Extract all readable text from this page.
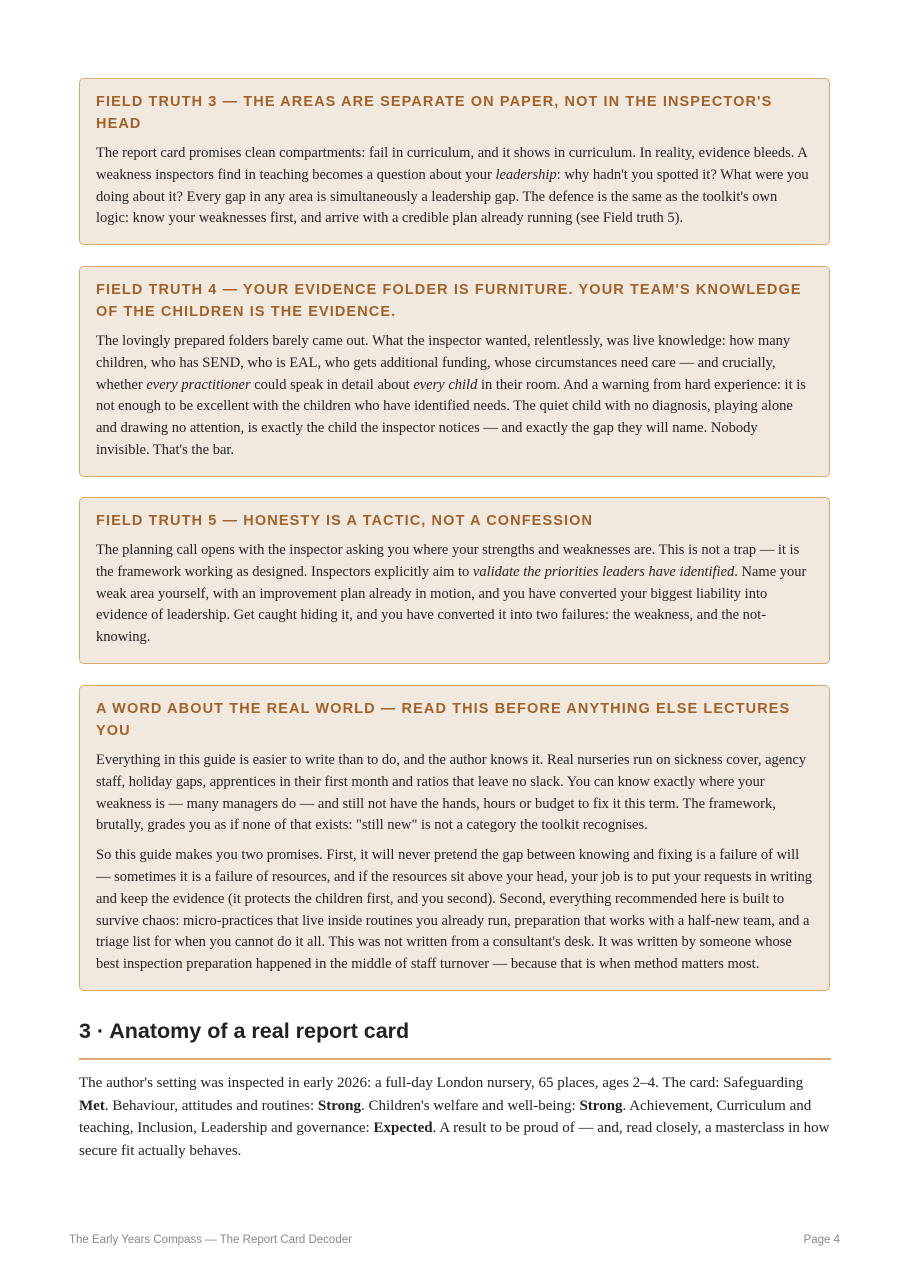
FIELD TRUTH 3 — THE AREAS ARE SEPARATE ON PAPER, NOT IN THE INSPECTOR'S HEAD

The report card promises clean compartments: fail in curriculum, and it shows in curriculum. In reality, evidence bleeds. A weakness inspectors find in teaching becomes a question about your leadership: why hadn't you spotted it? What were you doing about it? Every gap in any area is simultaneously a leadership gap. The defence is the same as the toolkit's own logic: know your weaknesses first, and arrive with a credible plan already running (see Field truth 5).

FIELD TRUTH 4 — YOUR EVIDENCE FOLDER IS FURNITURE. YOUR TEAM'S KNOWLEDGE OF THE CHILDREN IS THE EVIDENCE.

The lovingly prepared folders barely came out. What the inspector wanted, relentlessly, was live knowledge: how many children, who has SEND, who is EAL, who gets additional funding, whose circumstances need care — and crucially, whether every practitioner could speak in detail about every child in their room. And a warning from hard experience: it is not enough to be excellent with the children who have identified needs. The quiet child with no diagnosis, playing alone and drawing no attention, is exactly the child the inspector notices — and exactly the gap they will name. Nobody invisible. That's the bar.

FIELD TRUTH 5 — HONESTY IS A TACTIC, NOT A CONFESSION

The planning call opens with the inspector asking you where your strengths and weaknesses are. This is not a trap — it is the framework working as designed. Inspectors explicitly aim to validate the priorities leaders have identified. Name your weak area yourself, with an improvement plan already in motion, and you have converted your biggest liability into evidence of leadership. Get caught hiding it, and you have converted it into two failures: the weakness, and the not-knowing.

A WORD ABOUT THE REAL WORLD — READ THIS BEFORE ANYTHING ELSE LECTURES YOU

Everything in this guide is easier to write than to do, and the author knows it. Real nurseries run on sickness cover, agency staff, holiday gaps, apprentices in their first month and ratios that leave no slack. You can know exactly where your weakness is — many managers do — and still not have the hands, hours or budget to fix it this term. The framework, brutally, grades you as if none of that exists: "still new" is not a category the toolkit recognises.

So this guide makes you two promises. First, it will never pretend the gap between knowing and fixing is a failure of will — sometimes it is a failure of resources, and if the resources sit above your head, your job is to put your requests in writing and keep the evidence (it protects the children first, and you second). Second, everything recommended here is built to survive chaos: micro-practices that live inside routines you already run, preparation that works with a half-new team, and a triage list for when you cannot do it all. This was not written from a consultant's desk. It was written by someone whose best inspection preparation happened in the middle of staff turnover — because that is when method matters most.

3 · Anatomy of a real report card

The author's setting was inspected in early 2026: a full-day London nursery, 65 places, ages 2–4. The card: Safeguarding Met. Behaviour, attitudes and routines: Strong. Children's welfare and well-being: Strong. Achievement, Curriculum and teaching, Inclusion, Leadership and governance: Expected. A result to be proud of — and, read closely, a masterclass in how secure fit actually behaves.

The Early Years Compass — The Report Card Decoder	Page 4
